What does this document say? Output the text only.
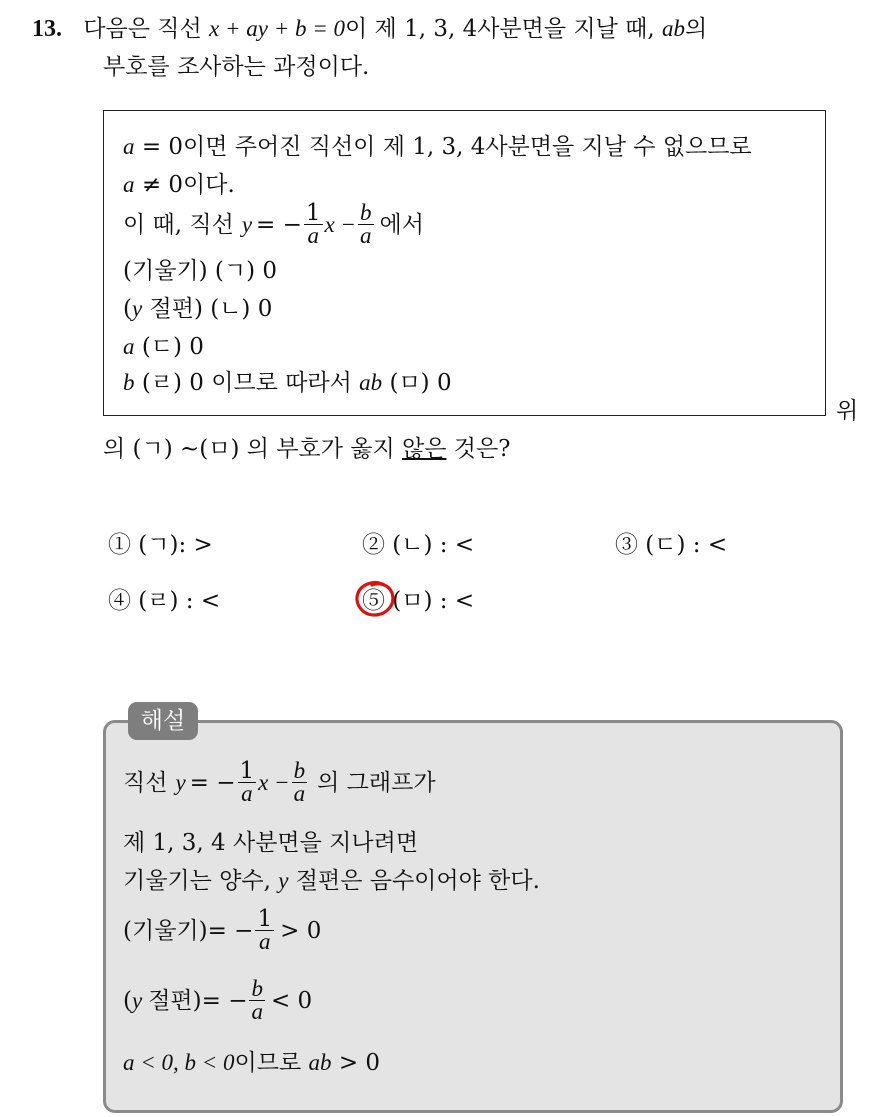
13. 다음은 직선 x + ay + b = 0이 제 1, 3, 4사분면을 지날 때, ab의
부호를 조사하는 과정이다.
a = 0이면 주어진 직선이 제 1, 3, 4사분면을 지날 수 없으므로
a ≠ 0이다.
이 때, 직선 y = − $\frac{1}{a}$ $x - \frac{b}{a}$ 에서
(기울기) (ㄱ) 0
(y 절편) (ㄴ) 0
a (ㄷ) 0
b (ㄹ) 0 이므로 따라서 ab (ㅁ) 0
위
의 (ㄱ) ∼(ㅁ) 의 부호가 옳지 않은 것은?
① (ㄱ): >	② (ㄴ) : <	③ (ㄷ) : <
④ (ㄹ) : <	⑤ (ㅁ) : <
해설
직선 y = − $\frac{1}{a}$ $x - \frac{b}{a}$ 의 그래프가
제 1, 3, 4 사분면을 지나려면
기울기는 양수, y 절편은 음수이어야 한다.
(기울기)= − $\frac{1}{a} > 0$
( y 절편)= − $\frac{b}{a} < 0$
a < 0, b < 0이므로 ab > 0
